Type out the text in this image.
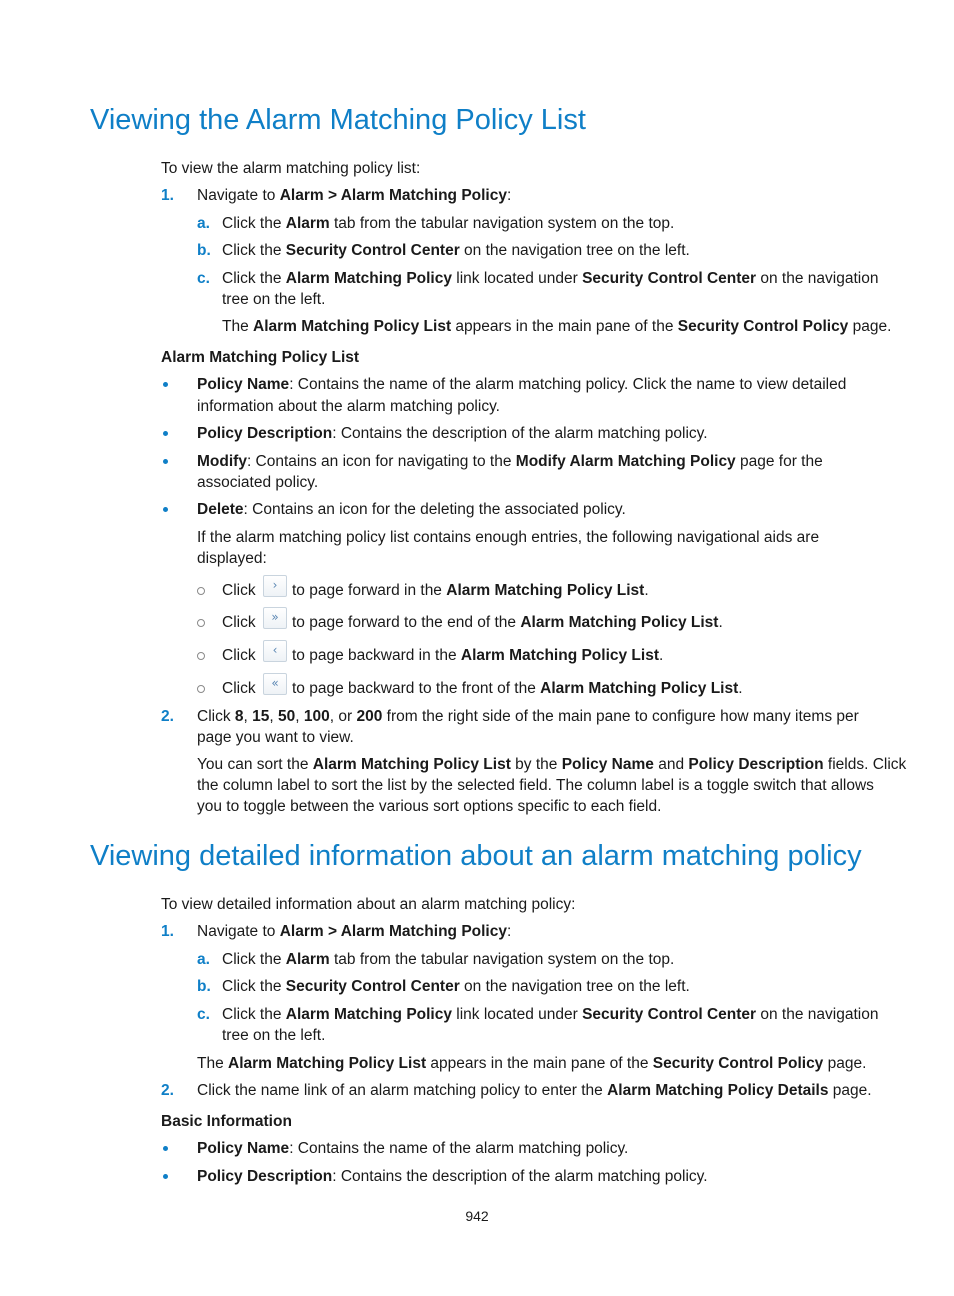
Viewing the Alarm Matching Policy List
To view the alarm matching policy list:
1. Navigate to Alarm > Alarm Matching Policy:
a. Click the Alarm tab from the tabular navigation system on the top.
b. Click the Security Control Center on the navigation tree on the left.
c. Click the Alarm Matching Policy link located under Security Control Center on the navigation
tree on the left.
The Alarm Matching Policy List appears in the main pane of the Security Control Policy page.
Alarm Matching Policy List
Policy Name: Contains the name of the alarm matching policy. Click the name to view detailed
information about the alarm matching policy.
Policy Description: Contains the description of the alarm matching policy.
Modify: Contains an icon for navigating to the Modify Alarm Matching Policy page for the
associated policy.
Delete: Contains an icon for the deleting the associated policy.
If the alarm matching policy list contains enough entries, the following navigational aids are
displayed:
Click	› to page forward in the Alarm Matching Policy List.
Click	» to page forward to the end of the Alarm Matching Policy List.
Click	‹ to page backward in the Alarm Matching Policy List.
Click	« to page backward to the front of the Alarm Matching Policy List.
2. Click 8, 15, 50, 100, or 200 from the right side of the main pane to configure how many items per
page you want to view.
You can sort the Alarm Matching Policy List by the Policy Name and Policy Description fields. Click
the column label to sort the list by the selected field. The column label is a toggle switch that allows
you to toggle between the various sort options specific to each field.
Viewing detailed information about an alarm matching policy
To view detailed information about an alarm matching policy:
1. Navigate to Alarm > Alarm Matching Policy:
a. Click the Alarm tab from the tabular navigation system on the top.
b. Click the Security Control Center on the navigation tree on the left.
c. Click the Alarm Matching Policy link located under Security Control Center on the navigation
tree on the left.
The Alarm Matching Policy List appears in the main pane of the Security Control Policy page.
2. Click the name link of an alarm matching policy to enter the Alarm Matching Policy Details page.
Basic Information
Policy Name: Contains the name of the alarm matching policy.
Policy Description: Contains the description of the alarm matching policy.
942
